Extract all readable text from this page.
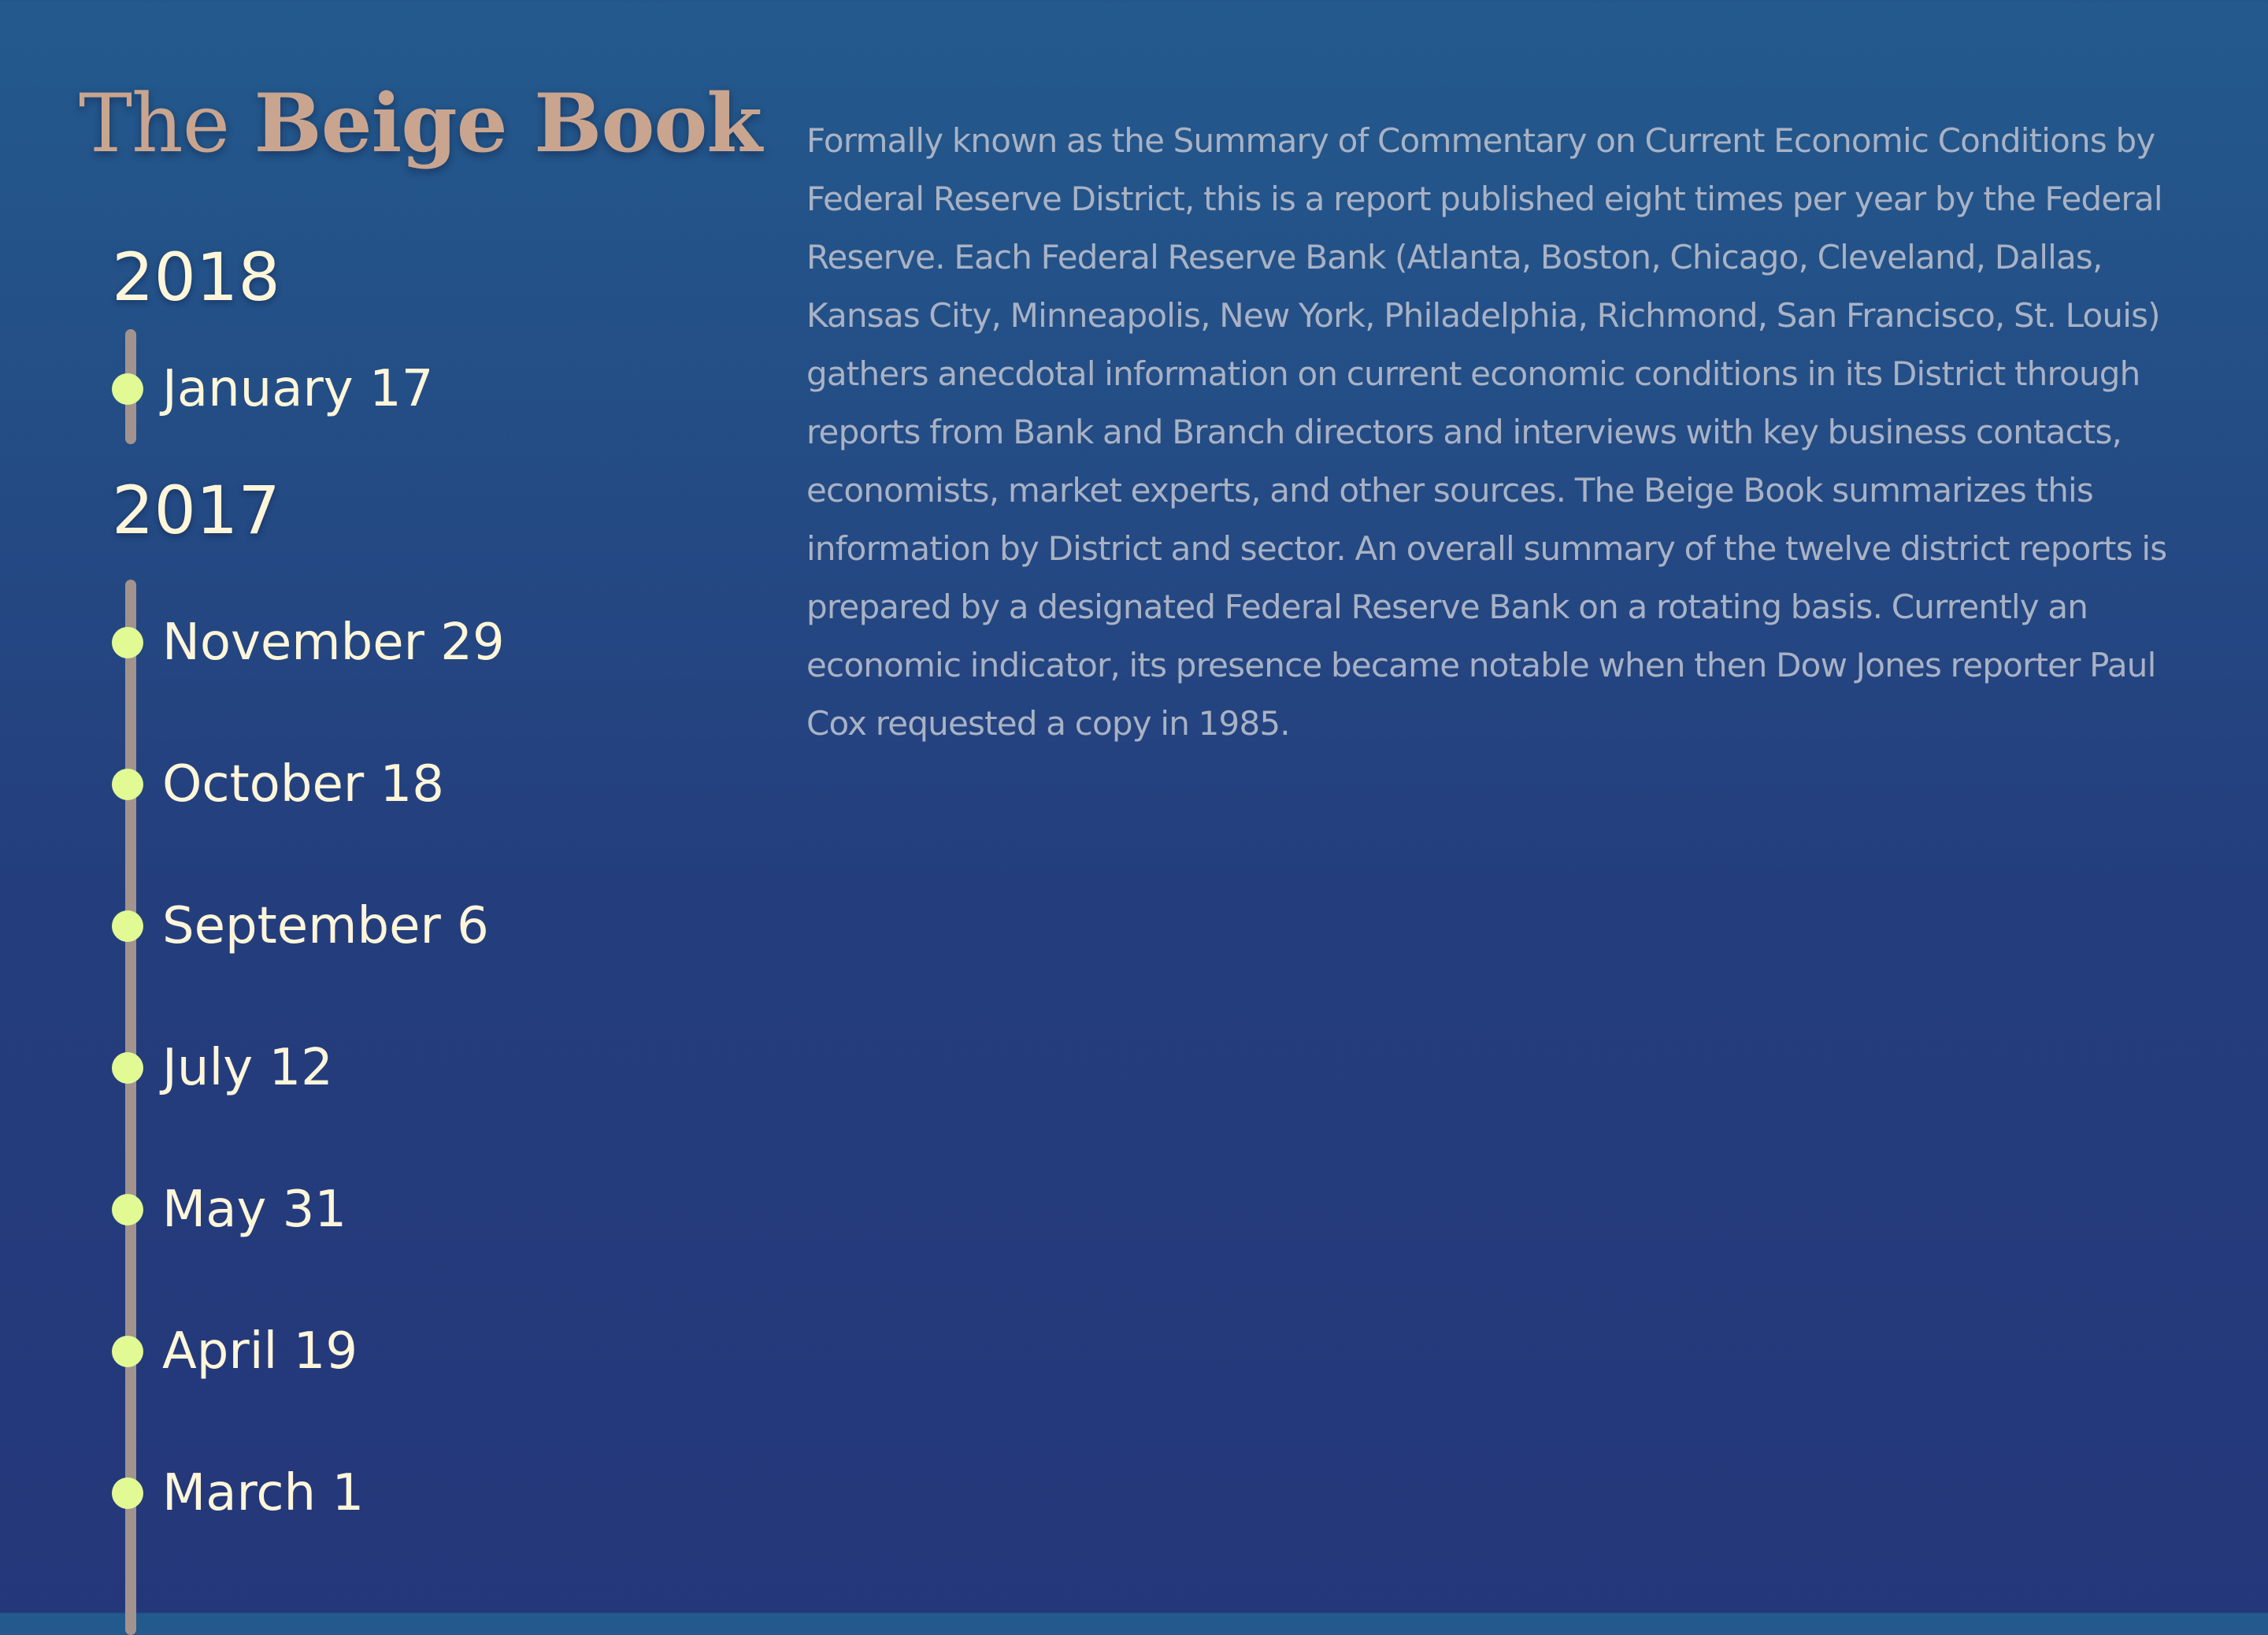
The Beige Book
2018
January 17
2017
November 29
October 18
September 6
July 12
May 31
April 19
March 1

Formally known as the Summary of Commentary on Current Economic Conditions by Federal Reserve District, this is a report published eight times per year by the Federal Reserve. Each Federal Reserve Bank (Atlanta, Boston, Chicago, Cleveland, Dallas, Kansas City, Minneapolis, New York, Philadelphia, Richmond, San Francisco, St. Louis) gathers anecdotal information on current economic conditions in its District through reports from Bank and Branch directors and interviews with key business contacts, economists, market experts, and other sources. The Beige Book summarizes this information by District and sector. An overall summary of the twelve district reports is prepared by a designated Federal Reserve Bank on a rotating basis. Currently an economic indicator, its presence became notable when then Dow Jones reporter Paul Cox requested a copy in 1985.
